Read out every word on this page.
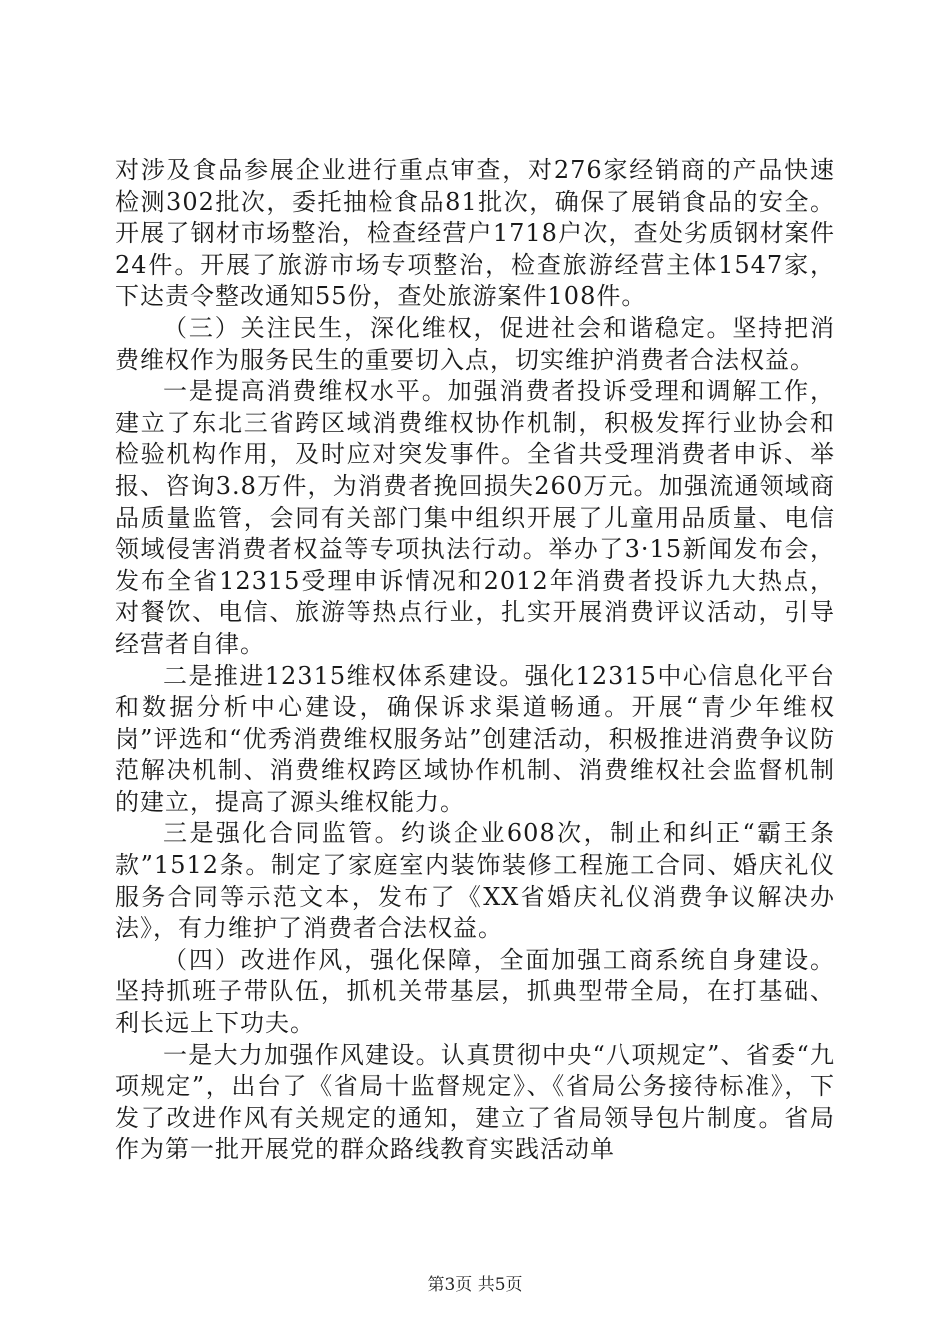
对涉及食品参展企业进行重点审查，对276家经销商的产品快速检测302批次，委托抽检食品81批次，确保了展销食品的安全。开展了钢材市场整治，检查经营户1718户次，查处劣质钢材案件24件。开展了旅游市场专项整治，检查旅游经营主体1547家，下达责令整改通知55份，查处旅游案件108件。

（三）关注民生，深化维权，促进社会和谐稳定。坚持把消费维权作为服务民生的重要切入点，切实维护消费者合法权益。

一是提高消费维权水平。加强消费者投诉受理和调解工作，建立了东北三省跨区域消费维权协作机制，积极发挥行业协会和检验机构作用，及时应对突发事件。全省共受理消费者申诉、举报、咨询3.8万件，为消费者挽回损失260万元。加强流通领域商品质量监管，会同有关部门集中组织开展了儿童用品质量、电信领域侵害消费者权益等专项执法行动。举办了3·15新闻发布会，发布全省12315受理申诉情况和2012年消费者投诉九大热点，对餐饮、电信、旅游等热点行业，扎实开展消费评议活动，引导经营者自律。

二是推进12315维权体系建设。强化12315中心信息化平台和数据分析中心建设，确保诉求渠道畅通。开展“青少年维权岗”评选和“优秀消费维权服务站”创建活动，积极推进消费争议防范解决机制、消费维权跨区域协作机制、消费维权社会监督机制的建立，提高了源头维权能力。

三是强化合同监管。约谈企业608次，制止和纠正“霸王条款”1512条。制定了家庭室内装饰装修工程施工合同、婚庆礼仪服务合同等示范文本，发布了《XX省婚庆礼仪消费争议解决办法》，有力维护了消费者合法权益。

（四）改进作风，强化保障，全面加强工商系统自身建设。坚持抓班子带队伍，抓机关带基层，抓典型带全局，在打基础、利长远上下功夫。

一是大力加强作风建设。认真贯彻中央“八项规定”、省委“九项规定”，出台了《省局十监督规定》、《省局公务接待标准》，下发了改进作风有关规定的通知，建立了省局领导包片制度。省局作为第一批开展党的群众路线教育实践活动单

第3页 共5页
